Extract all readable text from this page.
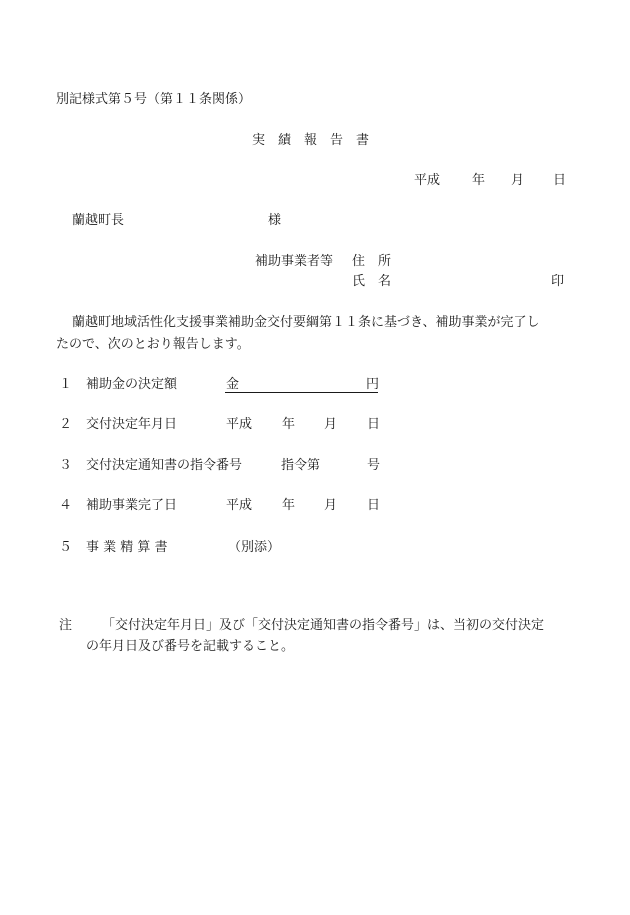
別記様式第５号（第１１条関係）
実　績　報　告　書
平成 年 月 日
蘭越町長	様
補助事業者等 住　所
氏　名	印
蘭越町地域活性化支援事業補助金交付要綱第１１条に基づき、補助事業が完了し
たので、次のとおり報告します。
１ 補助金の決定額	金	円
２ 交付決定年月日	平成 年 月 日
３ 交付決定通知書の指令番号	指令第	号
４ 補助事業完了日	平成 年 月 日
５ 事 業 精 算 書	（別添）
注 「交付決定年月日」及び「交付決定通知書の指令番号」は、当初の交付決定
の年月日及び番号を記載すること。
